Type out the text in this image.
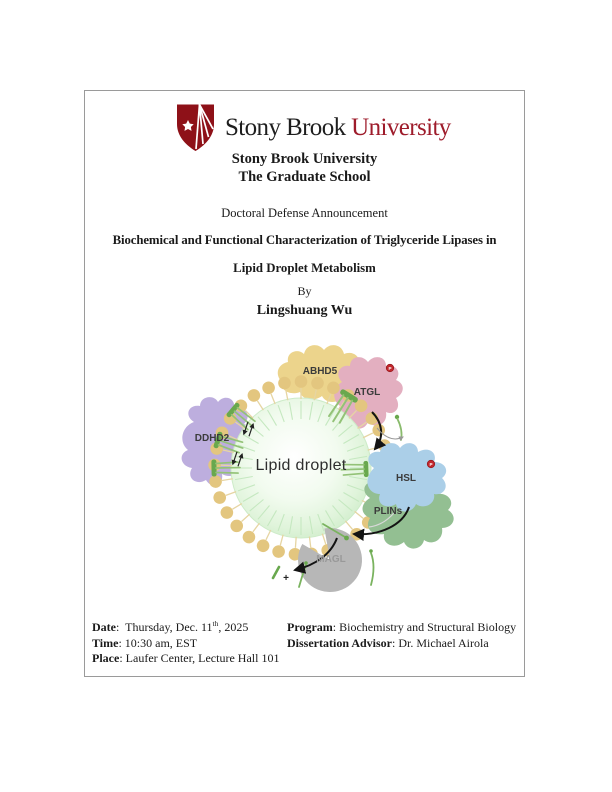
Stony Brook University
Stony Brook University
The Graduate School
Doctoral Defense Announcement
Biochemical and Functional Characterization of Triglyceride Lipases in
Lipid Droplet Metabolism
By
Lingshuang Wu
Lipid droplet
ABHD5
ATGL
DDHD2
HSL
PLINs
MAGL
+
P
P
Date:  Thursday, Dec. 11th, 2025
Time: 10:30 am, EST
Place: Laufer Center, Lecture Hall 101
Program: Biochemistry and Structural Biology
Dissertation Advisor: Dr. Michael Airola
